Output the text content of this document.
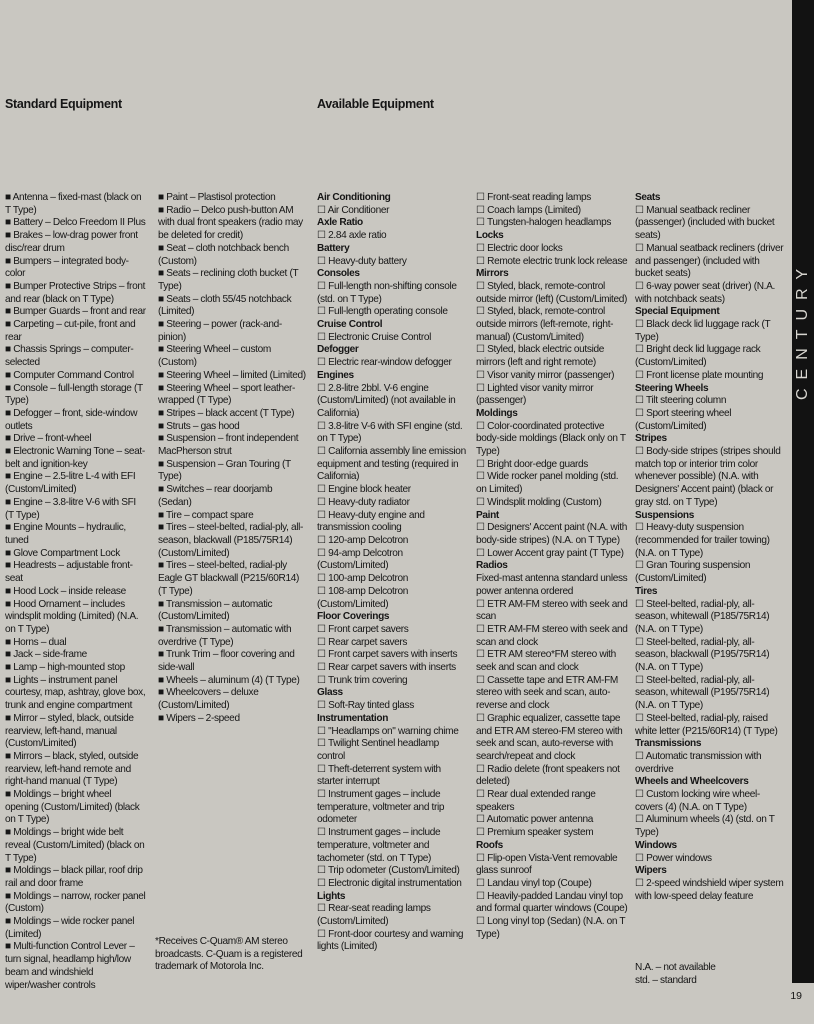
Standard Equipment	Available Equipment
■ Antenna – fixed-mast (black on T Type)
■ Battery – Delco Freedom II Plus
■ Brakes – low-drag power front disc/rear drum
■ Bumpers – integrated body-color
■ Bumper Protective Strips – front and rear (black on T Type)
■ Bumper Guards – front and rear
■ Carpeting – cut-pile, front and rear
■ Chassis Springs – computer-selected
■ Computer Command Control
■ Console – full-length storage (T Type)
■ Defogger – front, side-window outlets
■ Drive – front-wheel
■ Electronic Warning Tone – seat-belt and ignition-key
■ Engine – 2.5-litre L-4 with EFI (Custom/Limited)
■ Engine – 3.8-litre V-6 with SFI (T Type)
■ Engine Mounts – hydraulic, tuned
■ Glove Compartment Lock
■ Headrests – adjustable front-seat
■ Hood Lock – inside release
■ Hood Ornament – includes windsplit molding (Limited) (N.A. on T Type)
■ Horns – dual
■ Jack – side-frame
■ Lamp – high-mounted stop
■ Lights – instrument panel courtesy, map, ashtray, glove box, trunk and engine compartment
■ Mirror – styled, black, outside rearview, left-hand, manual (Custom/Limited)
■ Mirrors – black, styled, outside rearview, left-hand remote and right-hand manual (T Type)
■ Moldings – bright wheel opening (Custom/Limited) (black on T Type)
■ Moldings – bright wide belt reveal (Custom/Limited) (black on T Type)
■ Moldings – black pillar, roof drip rail and door frame
■ Moldings – narrow, rocker panel (Custom)
■ Moldings – wide rocker panel (Limited)
■ Multi-function Control Lever – turn signal, headlamp high/low beam and windshield wiper/washer controls
■ Paint – Plastisol protection
■ Radio – Delco push-button AM with dual front speakers (radio may be deleted for credit)
■ Seat – cloth notchback bench (Custom)
■ Seats – reclining cloth bucket (T Type)
■ Seats – cloth 55/45 notchback (Limited)
■ Steering – power (rack-and-pinion)
■ Steering Wheel – custom (Custom)
■ Steering Wheel – limited (Limited)
■ Steering Wheel – sport leather-wrapped (T Type)
■ Stripes – black accent (T Type)
■ Struts – gas hood
■ Suspension – front independent MacPherson strut
■ Suspension – Gran Touring (T Type)
■ Switches – rear doorjamb (Sedan)
■ Tire – compact spare
■ Tires – steel-belted, radial-ply, all-season, blackwall (P185/75R14) (Custom/Limited)
■ Tires – steel-belted, radial-ply Eagle GT blackwall (P215/60R14) (T Type)
■ Transmission – automatic (Custom/Limited)
■ Transmission – automatic with overdrive (T Type)
■ Trunk Trim – floor covering and side-wall
■ Wheels – aluminum (4) (T Type)
■ Wheelcovers – deluxe (Custom/Limited)
■ Wipers – 2-speed
Air Conditioning
☐ Air Conditioner
Axle Ratio
☐ 2.84 axle ratio
Battery
☐ Heavy-duty battery
Consoles
☐ Full-length non-shifting console (std. on T Type)
☐ Full-length operating console
Cruise Control
☐ Electronic Cruise Control
Defogger
☐ Electric rear-window defogger
Engines
☐ 2.8-litre 2bbl. V-6 engine (Custom/Limited) (not available in California)
☐ 3.8-litre V-6 with SFI engine (std. on T Type)
☐ California assembly line emission equipment and testing (required in California)
☐ Engine block heater
☐ Heavy-duty radiator
☐ Heavy-duty engine and transmission cooling
☐ 120-amp Delcotron
☐ 94-amp Delcotron (Custom/Limited)
☐ 100-amp Delcotron
☐ 108-amp Delcotron (Custom/Limited)
Floor Coverings
☐ Front carpet savers
☐ Rear carpet savers
☐ Front carpet savers with inserts
☐ Rear carpet savers with inserts
☐ Trunk trim covering
Glass
☐ Soft-Ray tinted glass
Instrumentation
☐ "Headlamps on" warning chime
☐ Twilight Sentinel headlamp control
☐ Theft-deterrent system with starter interrupt
☐ Instrument gages – include temperature, voltmeter and trip odometer
☐ Instrument gages – include temperature, voltmeter and tachometer (std. on T Type)
☐ Trip odometer (Custom/Limited)
☐ Electronic digital instrumentation
Lights
☐ Rear-seat reading lamps (Custom/Limited)
☐ Front-door courtesy and warning lights (Limited)
☐ Front-seat reading lamps
☐ Coach lamps (Limited)
☐ Tungsten-halogen headlamps
Locks
☐ Electric door locks
☐ Remote electric trunk lock release
Mirrors
☐ Styled, black, remote-control outside mirror (left) (Custom/Limited)
☐ Styled, black, remote-control outside mirrors (left-remote, right-manual) (Custom/Limited)
☐ Styled, black electric outside mirrors (left and right remote)
☐ Visor vanity mirror (passenger)
☐ Lighted visor vanity mirror (passenger)
Moldings
☐ Color-coordinated protective body-side moldings (Black only on T Type)
☐ Bright door-edge guards
☐ Wide rocker panel molding (std. on Limited)
☐ Windsplit molding (Custom)
Paint
☐ Designers' Accent paint (N.A. with body-side stripes) (N.A. on T Type)
☐ Lower Accent gray paint (T Type)
Radios
Fixed-mast antenna standard unless power antenna ordered
☐ ETR AM-FM stereo with seek and scan
☐ ETR AM-FM stereo with seek and scan and clock
☐ ETR AM stereo*FM stereo with seek and scan and clock
☐ Cassette tape and ETR AM-FM stereo with seek and scan, auto-reverse and clock
☐ Graphic equalizer, cassette tape and ETR AM stereo-FM stereo with seek and scan, auto-reverse with search/repeat and clock
☐ Radio delete (front speakers not deleted)
☐ Rear dual extended range speakers
☐ Automatic power antenna
☐ Premium speaker system
Roofs
☐ Flip-open Vista-Vent removable glass sunroof
☐ Landau vinyl top (Coupe)
☐ Heavily-padded Landau vinyl top and formal quarter windows (Coupe)
☐ Long vinyl top (Sedan) (N.A. on T Type)
Seats
☐ Manual seatback recliner (passenger) (included with bucket seats)
☐ Manual seatback recliners (driver and passenger) (included with bucket seats)
☐ 6-way power seat (driver) (N.A. with notchback seats)
Special Equipment
☐ Black deck lid luggage rack (T Type)
☐ Bright deck lid luggage rack (Custom/Limited)
☐ Front license plate mounting
Steering Wheels
☐ Tilt steering column
☐ Sport steering wheel (Custom/Limited)
Stripes
☐ Body-side stripes (stripes should match top or interior trim color whenever possible) (N.A. with Designers' Accent paint) (black or gray std. on T Type)
Suspensions
☐ Heavy-duty suspension (recommended for trailer towing) (N.A. on T Type)
☐ Gran Touring suspension (Custom/Limited)
Tires
☐ Steel-belted, radial-ply, all-season, whitewall (P185/75R14) (N.A. on T Type)
☐ Steel-belted, radial-ply, all-season, blackwall (P195/75R14) (N.A. on T Type)
☐ Steel-belted, radial-ply, all-season, whitewall (P195/75R14) (N.A. on T Type)
☐ Steel-belted, radial-ply, raised white letter (P215/60R14) (T Type)
Transmissions
☐ Automatic transmission with overdrive
Wheels and Wheelcovers
☐ Custom locking wire wheel-covers (4) (N.A. on T Type)
☐ Aluminum wheels (4) (std. on T Type)
Windows
☐ Power windows
Wipers
☐ 2-speed windshield wiper system with low-speed delay feature
*Receives C-Quam® AM stereo broadcasts. C-Quam is a registered trademark of Motorola Inc.	N.A. – not available
std. – standard
CENTURY
19
